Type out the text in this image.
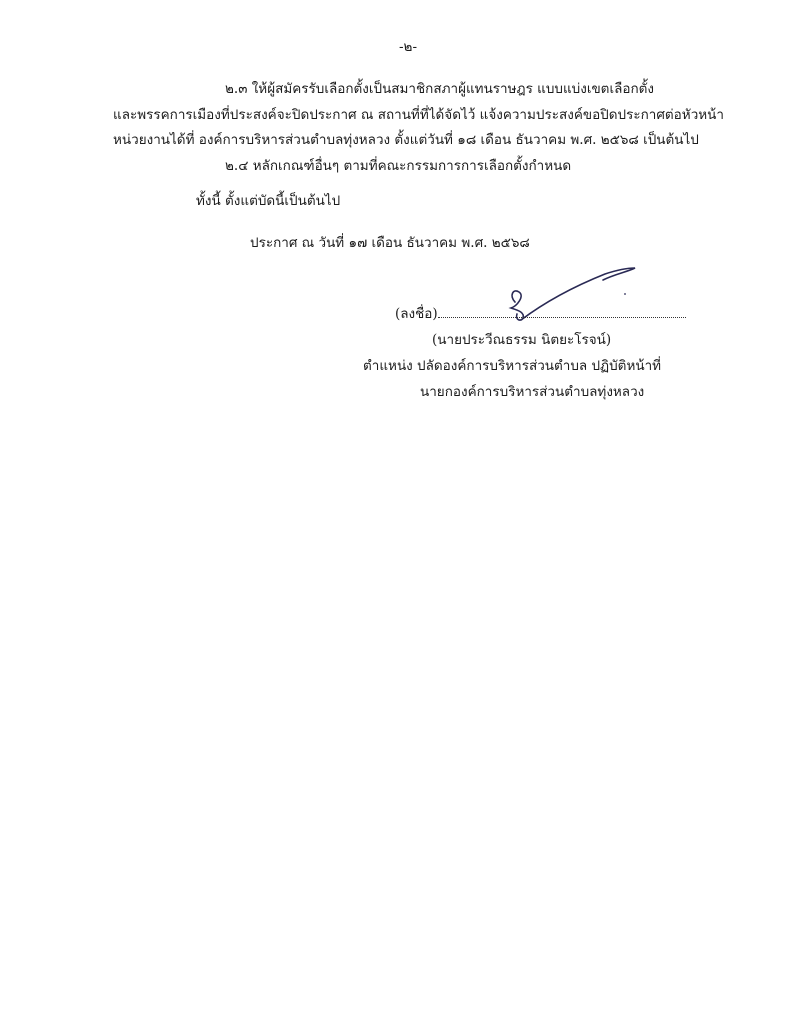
-๒-
๒.๓ ให้ผู้สมัครรับเลือกตั้งเป็นสมาชิกสภาผู้แทนราษฎร แบบแบ่งเขตเลือกตั้ง
และพรรคการเมืองที่ประสงค์จะปิดประกาศ ณ สถานที่ที่ได้จัดไว้ แจ้งความประสงค์ขอปิดประกาศต่อหัวหน้า
หน่วยงานได้ที่ องค์การบริหารส่วนตำบลทุ่งหลวง ตั้งแต่วันที่ ๑๘ เดือน ธันวาคม พ.ศ. ๒๕๖๘ เป็นต้นไป
๒.๔ หลักเกณฑ์อื่นๆ ตามที่คณะกรรมการการเลือกตั้งกำหนด
ทั้งนี้ ตั้งแต่บัดนี้เป็นต้นไป
ประกาศ ณ วันที่ ๑๗ เดือน ธันวาคม พ.ศ. ๒๕๖๘
(ลงชื่อ)
(นายประวีณธรรม นิตยะโรจน์)
ตำแหน่ง ปลัดองค์การบริหารส่วนตำบล ปฏิบัติหน้าที่
นายกองค์การบริหารส่วนตำบลทุ่งหลวง
